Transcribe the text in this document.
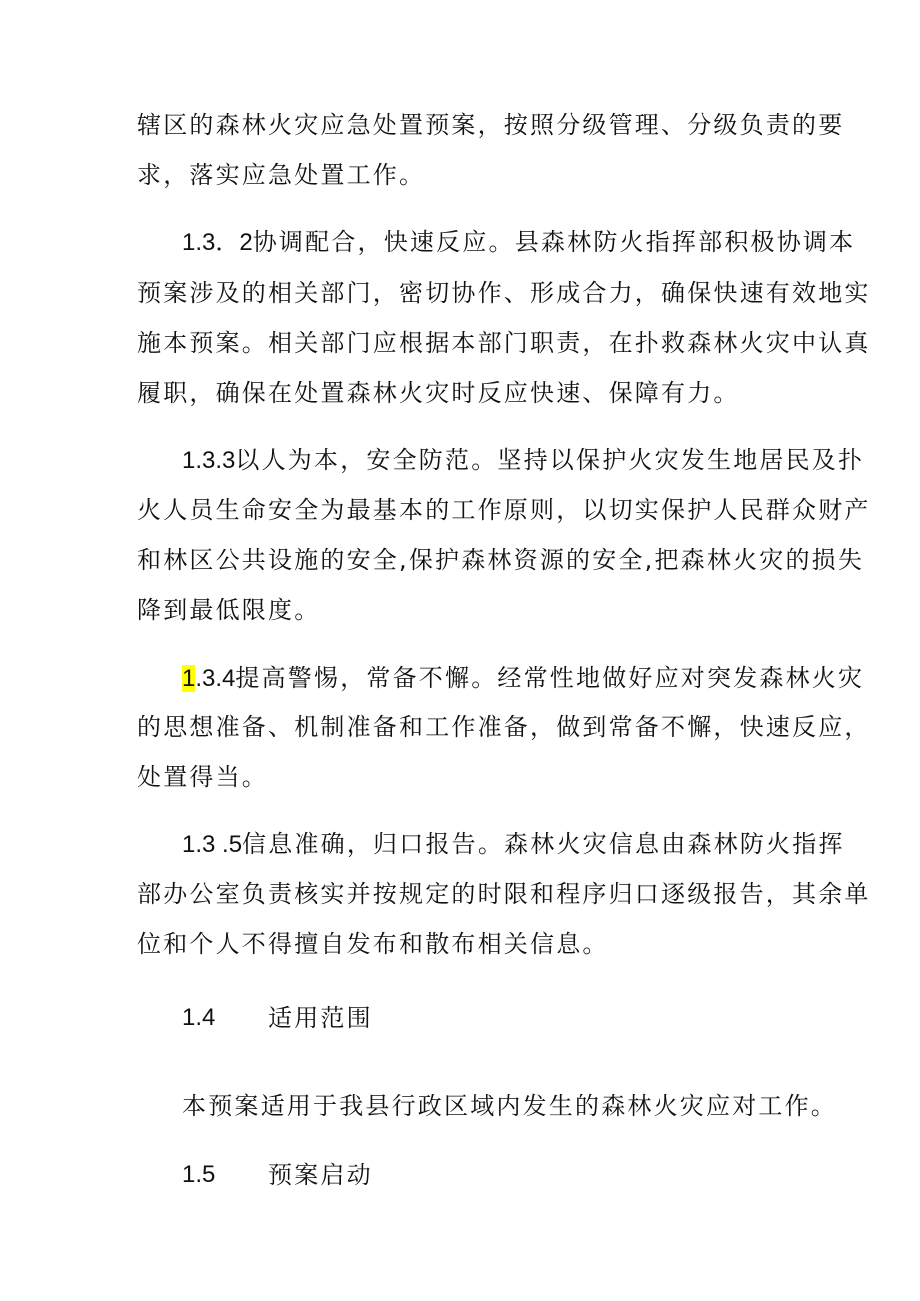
辖区的森林火灾应急处置预案，按照分级管理、分级负责的要
求，落实应急处置工作。
1.3．2协调配合，快速反应。县森林防火指挥部积极协调本
预案涉及的相关部门，密切协作、形成合力，确保快速有效地实
施本预案。相关部门应根据本部门职责，在扑救森林火灾中认真
履职，确保在处置森林火灾时反应快速、保障有力。
1.3.3以人为本，安全防范。坚持以保护火灾发生地居民及扑
火人员生命安全为最基本的工作原则，以切实保护人民群众财产
和林区公共设施的安全,保护森林资源的安全,把森林火灾的损失
降到最低限度。
1.3.4提高警惕，常备不懈。经常性地做好应对突发森林火灾
的思想准备、机制准备和工作准备，做到常备不懈，快速反应，
处置得当。
1.3 .5信息准确，归口报告。森林火灾信息由森林防火指挥
部办公室负责核实并按规定的时限和程序归口逐级报告，其余单
位和个人不得擅自发布和散布相关信息。
1.4 适用范围
本预案适用于我县行政区域内发生的森林火灾应对工作。
1.5 预案启动
